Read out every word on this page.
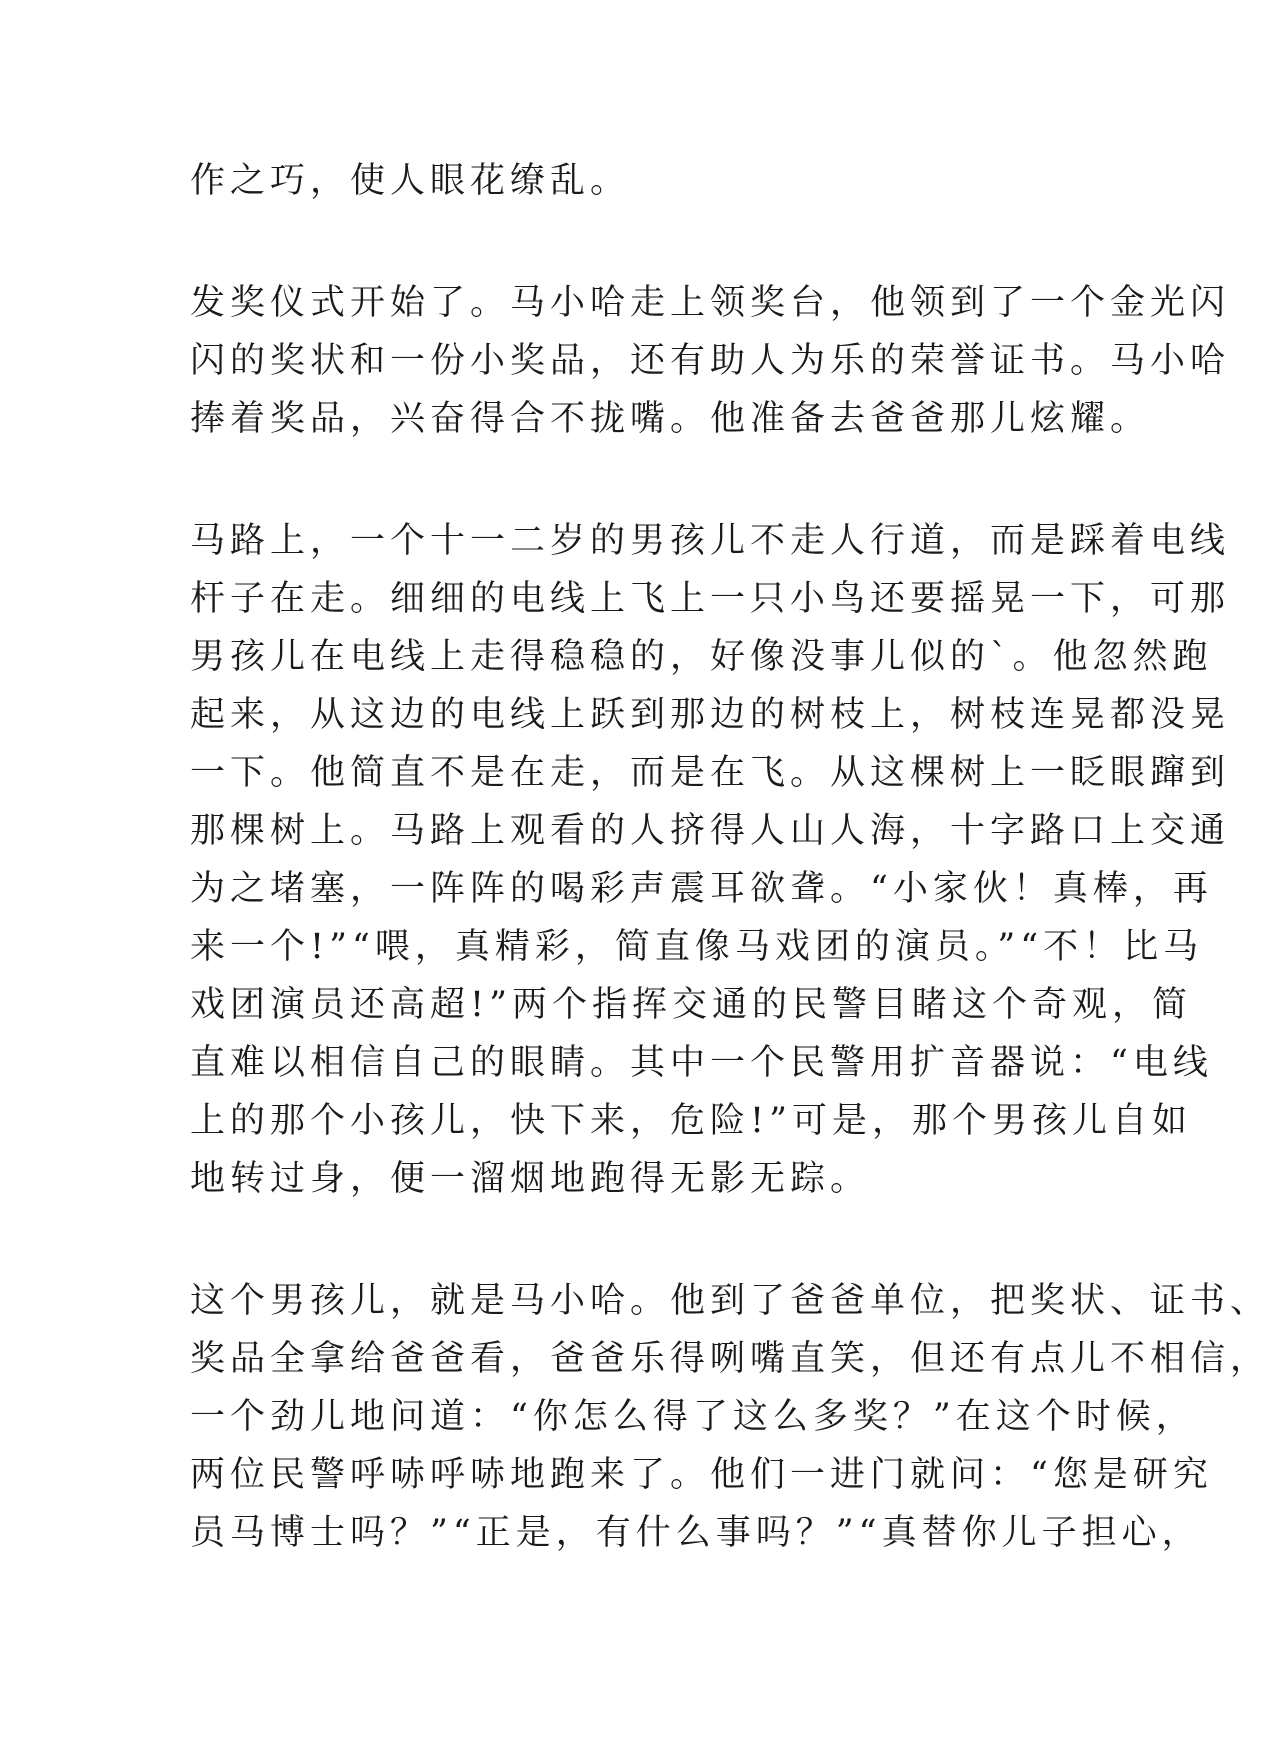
作之巧，使人眼花缭乱。
发奖仪式开始了。马小哈走上领奖台，他领到了一个金光闪
闪的奖状和一份小奖品，还有助人为乐的荣誉证书。马小哈
捧着奖品，兴奋得合不拢嘴。他准备去爸爸那儿炫耀。
马路上，一个十一二岁的男孩儿不走人行道，而是踩着电线
杆子在走。细细的电线上飞上一只小鸟还要摇晃一下，可那
男孩儿在电线上走得稳稳的，好像没事儿似的`。他忽然跑
起来，从这边的电线上跃到那边的树枝上，树枝连晃都没晃
一下。他简直不是在走，而是在飞。从这棵树上一眨眼蹿到
那棵树上。马路上观看的人挤得人山人海，十字路口上交通
为之堵塞，一阵阵的喝彩声震耳欲聋。“小家伙！真棒，再
来一个!”“喂，真精彩，简直像马戏团的演员。”“不！比马
戏团演员还高超!”两个指挥交通的民警目睹这个奇观，简
直难以相信自己的眼睛。其中一个民警用扩音器说：“电线
上的那个小孩儿，快下来，危险!”可是，那个男孩儿自如
地转过身，便一溜烟地跑得无影无踪。
这个男孩儿，就是马小哈。他到了爸爸单位，把奖状、证书、
奖品全拿给爸爸看，爸爸乐得咧嘴直笑，但还有点儿不相信，
一个劲儿地问道：“你怎么得了这么多奖？”在这个时候，
两位民警呼哧呼哧地跑来了。他们一进门就问：“您是研究
员马博士吗？”“正是，有什么事吗？”“真替你儿子担心，
